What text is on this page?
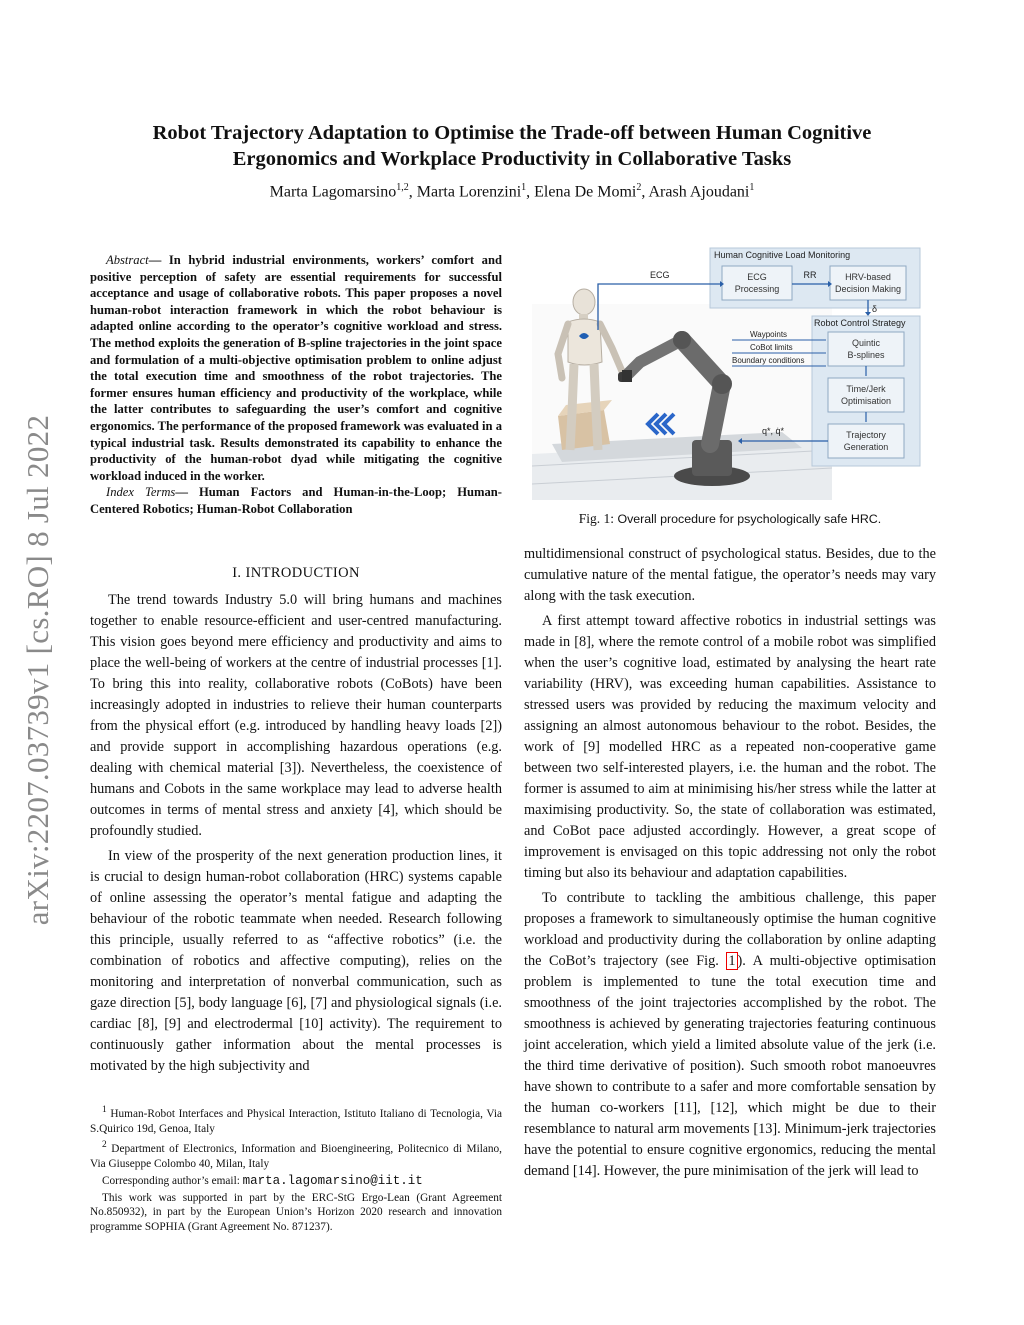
arXiv:2207.03739v1 [cs.RO] 8 Jul 2022
Robot Trajectory Adaptation to Optimise the Trade-off between Human Cognitive
Ergonomics and Workplace Productivity in Collaborative Tasks
Marta Lagomarsino$^{1,2}$, Marta Lorenzini$^1$, Elena De Momi$^2$, Arash Ajoudani$^1$

Abstract— In hybrid industrial environments, workers’ comfort and positive perception of safety are essential requirements for successful acceptance and usage of collaborative robots. This paper proposes a novel human-robot interaction framework in which the robot behaviour is adapted online according to the operator’s cognitive workload and stress. The method exploits the generation of B-spline trajectories in the joint space and formulation of a multi-objective optimisation problem to online adjust the total execution time and smoothness of the robot trajectories. The former ensures human efficiency and productivity of the workplace, while the latter contributes to safeguarding the user’s comfort and cognitive ergonomics. The performance of the proposed framework was evaluated in a typical industrial task. Results demonstrated its capability to enhance the productivity of the human-robot dyad while mitigating the cognitive workload induced in the worker.

Index Terms— Human Factors and Human-in-the-Loop; Human-Centered Robotics; Human-Robot Collaboration

I. INTRODUCTION

The trend towards Industry 5.0 will bring humans and machines together to enable resource-efficient and user-centred manufacturing. This vision goes beyond mere efficiency and productivity and aims to place the well-being of workers at the centre of industrial processes [1]. To bring this into reality, collaborative robots (CoBots) have been increasingly adopted in industries to relieve their human counterparts from the physical effort (e.g. introduced by handling heavy loads [2]) and provide support in accomplishing hazardous operations (e.g. dealing with chemical material [3]). Nevertheless, the coexistence of humans and Cobots in the same workplace may lead to adverse health outcomes in terms of mental stress and anxiety [4], which should be profoundly studied.

In view of the prosperity of the next generation production lines, it is crucial to design human-robot collaboration (HRC) systems capable of online assessing the operator’s mental fatigue and adapting the behaviour of the robotic teammate when needed. Research following this principle, usually referred to as “affective robotics” (i.e. the combination of robotics and affective computing), relies on the monitoring and interpretation of nonverbal communication, such as gaze direction [5], body language [6], [7] and physiological signals (i.e. cardiac [8], [9] and electrodermal [10] activity). The requirement to continuously gather information about the mental processes is motivated by the high subjectivity and

$^1$ Human-Robot Interfaces and Physical Interaction, Istituto Italiano di Tecnologia, Via S.Quirico 19d, Genoa, Italy

$^2$ Department of Electronics, Information and Bioengineering, Politecnico di Milano, Via Giuseppe Colombo 40, Milan, Italy

Corresponding author’s email: marta.lagomarsino@iit.it

This work was supported in part by the ERC-StG Ergo-Lean (Grant Agreement No.850932), in part by the European Union’s Horizon 2020 research and innovation programme SOPHIA (Grant Agreement No. 871237).

Human Cognitive Load Monitoring
ECG
Processing
HRV-based
Decision Making
RR
ECG
δ
Robot Control Strategy
Quintic
B-splines
Time/Jerk
Optimisation
Trajectory
Generation
Waypoints
CoBot limits
Boundary conditions
q*, q̇*
Fig. 1: Overall procedure for psychologically safe HRC.

multidimensional construct of psychological status. Besides, due to the cumulative nature of the mental fatigue, the operator’s needs may vary along with the task execution.

A first attempt toward affective robotics in industrial settings was made in [8], where the remote control of a mobile robot was simplified when the user’s cognitive load, estimated by analysing the heart rate variability (HRV), was exceeding human capabilities. Assistance to stressed users was provided by reducing the maximum velocity and assigning an almost autonomous behaviour to the robot. Besides, the work of [9] modelled HRC as a repeated non-cooperative game between two self-interested players, i.e. the human and the robot. The former is assumed to aim at minimising his/her stress while the latter at maximising productivity. So, the state of collaboration was estimated, and CoBot pace adjusted accordingly. However, a great scope of improvement is envisaged on this topic addressing not only the robot timing but also its behaviour and adaptation capabilities.

To contribute to tackling the ambitious challenge, this paper proposes a framework to simultaneously optimise the human cognitive workload and productivity during the collaboration by online adapting the CoBot’s trajectory (see Fig. 1 ). A multi-objective optimisation problem is implemented to tune the total execution time and smoothness of the joint trajectories accomplished by the robot. The smoothness is achieved by generating trajectories featuring continuous joint acceleration, which yield a limited absolute value of the jerk (i.e. the third time derivative of position). Such smooth robot manoeuvres have shown to contribute to a safer and more comfortable sensation by the human co-workers [11], [12], which might be due to their resemblance to natural arm movements [13]. Minimum-jerk trajectories have the potential to ensure cognitive ergonomics, reducing the mental demand [14]. However, the pure minimisation of the jerk will lead to
